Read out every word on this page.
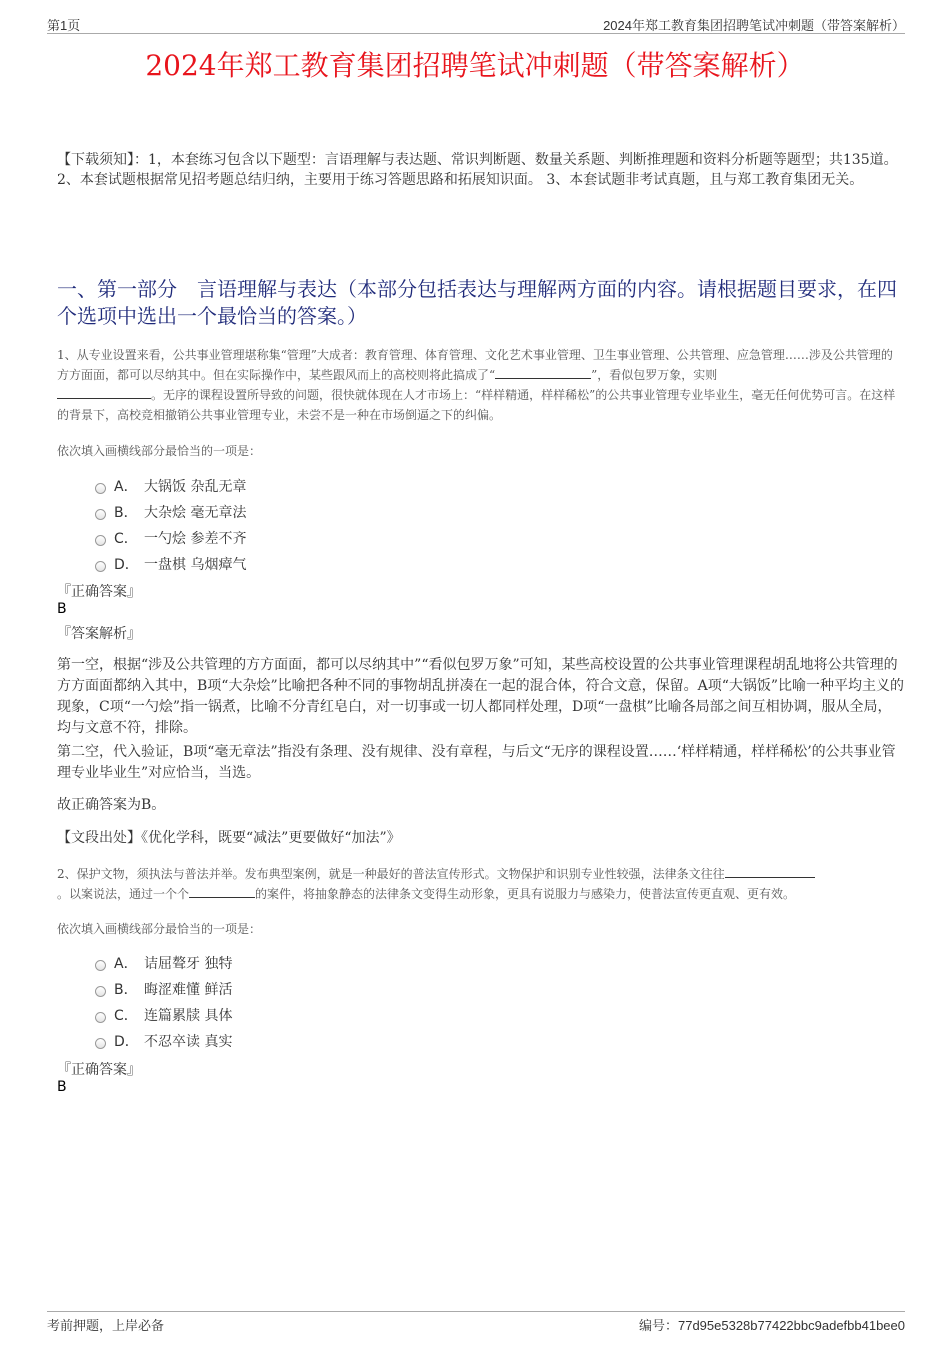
第1页	2024年郑工教育集团招聘笔试冲刺题（带答案解析）
2024年郑工教育集团招聘笔试冲刺题（带答案解析）
【下载须知】：1，本套练习包含以下题型：言语理解与表达题、常识判断题、数量关系题、判断推理题和资料分析题等题型；共135道。2、本套试题根据常见招考题总结归纳，主要用于练习答题思路和拓展知识面。 3、本套试题非考试真题，且与郑工教育集团无关。
一、第一部分　言语理解与表达（本部分包括表达与理解两方面的内容。请根据题目要求，在四个选项中选出一个最恰当的答案。）
1、从专业设置来看，公共事业管理堪称集“管理”大成者：教育管理、体育管理、文化艺术事业管理、卫生事业管理、公共管理、应急管理……涉及公共管理的方方面面，都可以尽纳其中。但在实际操作中，某些跟风而上的高校则将此搞成了“	”，看似包罗万象，实则
。无序的课程设置所导致的问题，很快就体现在人才市场上：“样样精通，样样稀松”的公共事业管理专业毕业生，毫无任何优势可言。在这样的背景下，高校竞相撤销公共事业管理专业，未尝不是一种在市场倒逼之下的纠偏。
依次填入画横线部分最恰当的一项是：
A． 大锅饭 杂乱无章
B． 大杂烩 毫无章法
C． 一勺烩 参差不齐
D． 一盘棋 乌烟瘴气
『正确答案』
B
『答案解析』
第一空，根据“涉及公共管理的方方面面，都可以尽纳其中”“看似包罗万象”可知，某些高校设置的公共事业管理课程胡乱地将公共管理的方方面面都纳入其中，B项“大杂烩”比喻把各种不同的事物胡乱拼凑在一起的混合体，符合文意，保留。A项“大锅饭”比喻一种平均主义的现象，C项“一勺烩”指一锅煮，比喻不分青红皂白，对一切事或一切人都同样处理，D项“一盘棋”比喻各局部之间互相协调，服从全局，均与文意不符，排除。
第二空，代入验证，B项“毫无章法”指没有条理、没有规律、没有章程，与后文“无序的课程设置……‘样样精通，样样稀松’的公共事业管理专业毕业生”对应恰当，当选。
故正确答案为B。
【文段出处】《优化学科，既要“减法”更要做好“加法”》
2、保护文物，须执法与普法并举。发布典型案例，就是一种最好的普法宣传形式。文物保护和识别专业性较强，法律条文往往
。以案说法，通过一个个	的案件，将抽象静态的法律条文变得生动形象，更具有说服力与感染力，使普法宣传更直观、更有效。
依次填入画横线部分最恰当的一项是：
A． 诘屈聱牙 独特
B． 晦涩难懂 鲜活
C． 连篇累牍 具体
D． 不忍卒读 真实
『正确答案』
B
考前押题，上岸必备	编号：77d95e5328b77422bbc9adefbb41bee0
